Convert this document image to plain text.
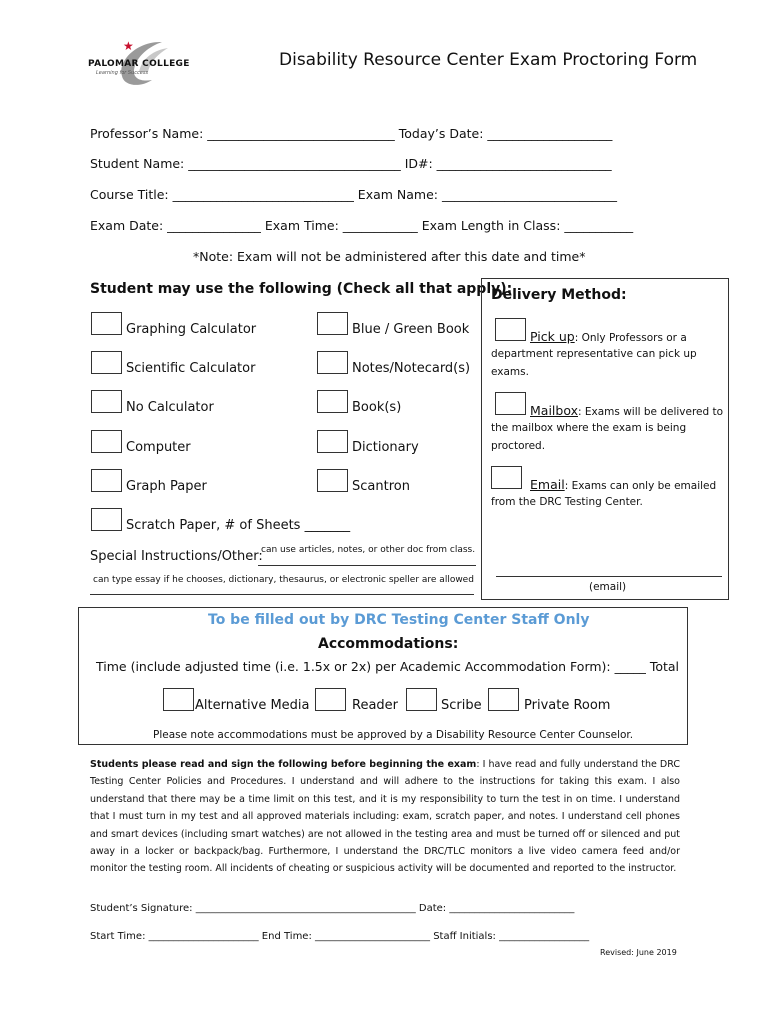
★
PALOMAR COLLEGE
Learning for Success
Disability Resource Center Exam Proctoring Form
Professor’s Name: ______________________________ Today’s Date: ____________________
Student Name: __________________________________ ID#: ____________________________
Course Title: _____________________________ Exam Name: ____________________________
Exam Date: _______________ Exam Time: ____________ Exam Length in Class: ___________
*Note: Exam will not be administered after this date and time*
Student may use the following (Check all that apply):
Graphing Calculator
Scientific Calculator
No Calculator
Computer
Graph Paper
Scratch Paper, # of Sheets _______
Blue / Green Book
Notes/Notecard(s)
Book(s)
Dictionary
Scantron
Special Instructions/Other:
can use articles, notes, or other doc from class.
can type essay if he chooses, dictionary, thesaurus, or electronic speller are allowed
Delivery Method:
Pick up: Only Professors or a
department representative can pick up
exams.
Mailbox: Exams will be delivered to
the mailbox where the exam is being
proctored.
Email: Exams can only be emailed
from the DRC Testing Center.
(email)
To be filled out by DRC Testing Center Staff Only
Accommodations:
Time (include adjusted time (i.e. 1.5x or 2x) per Academic Accommodation Form): _____ Total
Alternative Media	Reader	Scribe	Private Room
Please note accommodations must be approved by a Disability Resource Center Counselor.
Students please read and sign the following before beginning the exam: I have read and fully understand the DRC Testing Center Policies and Procedures. I understand and will adhere to the instructions for taking this exam. I also understand that there may be a time limit on this test, and it is my responsibility to turn the test in on time. I understand that I must turn in my test and all approved materials including: exam, scratch paper, and notes. I understand cell phones and smart devices (including smart watches) are not allowed in the testing area and must be turned off or silenced and put away in a locker or backpack/bag. Furthermore, I understand the DRC/TLC monitors a live video camera feed and/or monitor the testing room. All incidents of cheating or suspicious activity will be documented and reported to the instructor.
Student’s Signature: ____________________________________________ Date: _________________________
Start Time: ______________________ End Time: _______________________ Staff Initials: __________________
Revised: June 2019
